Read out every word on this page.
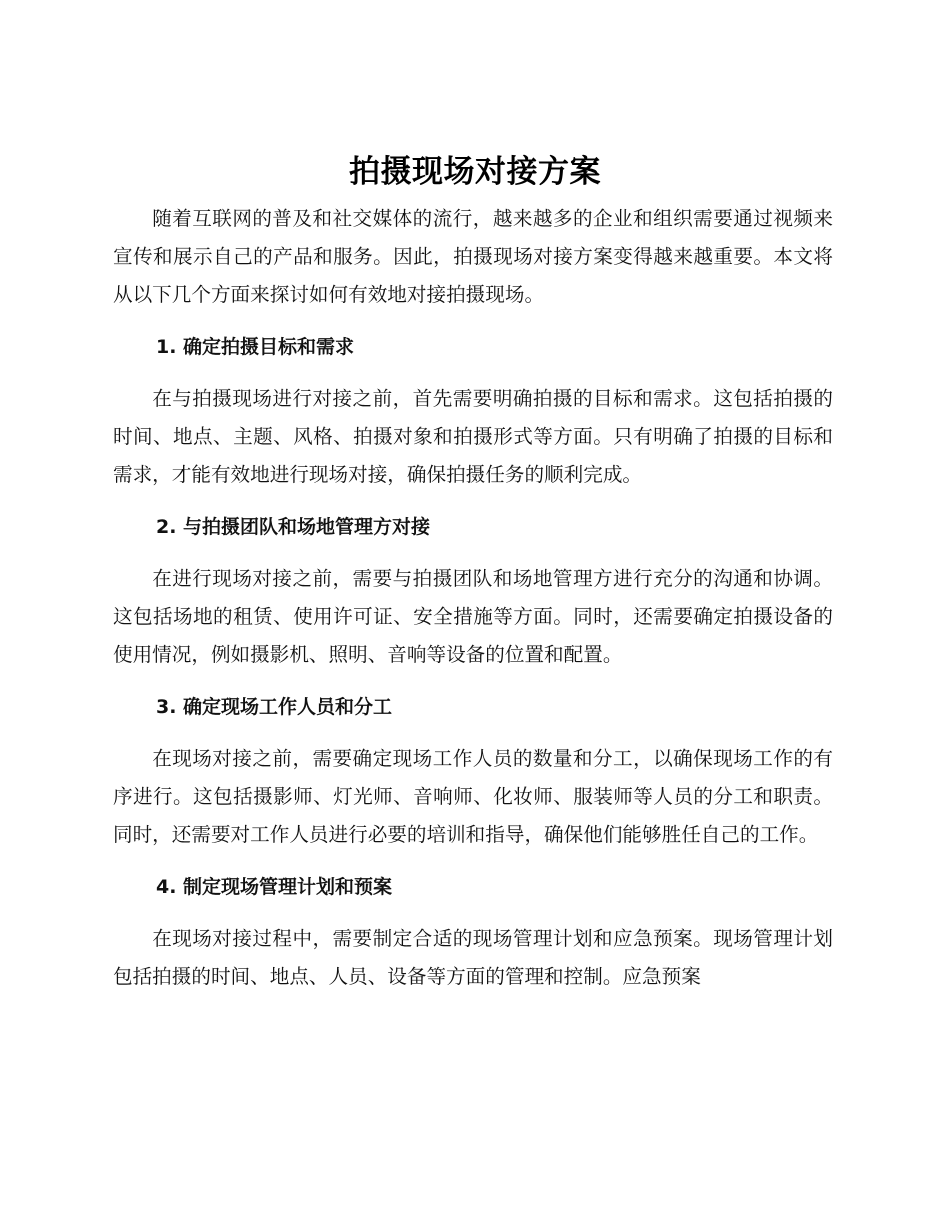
拍摄现场对接方案

随着互联网的普及和社交媒体的流行，越来越多的企业和组织需要通过视频来宣传和展示自己的产品和服务。因此，拍摄现场对接方案变得越来越重要。本文将从以下几个方面来探讨如何有效地对接拍摄现场。

1. 确定拍摄目标和需求

在与拍摄现场进行对接之前，首先需要明确拍摄的目标和需求。这包括拍摄的时间、地点、主题、风格、拍摄对象和拍摄形式等方面。只有明确了拍摄的目标和需求，才能有效地进行现场对接，确保拍摄任务的顺利完成。

2. 与拍摄团队和场地管理方对接

在进行现场对接之前，需要与拍摄团队和场地管理方进行充分的沟通和协调。这包括场地的租赁、使用许可证、安全措施等方面。同时，还需要确定拍摄设备的使用情况，例如摄影机、照明、音响等设备的位置和配置。

3. 确定现场工作人员和分工

在现场对接之前，需要确定现场工作人员的数量和分工，以确保现场工作的有序进行。这包括摄影师、灯光师、音响师、化妆师、服装师等人员的分工和职责。同时，还需要对工作人员进行必要的培训和指导，确保他们能够胜任自己的工作。

4. 制定现场管理计划和预案

在现场对接过程中，需要制定合适的现场管理计划和应急预案。现场管理计划包括拍摄的时间、地点、人员、设备等方面的管理和控制。应急预案
